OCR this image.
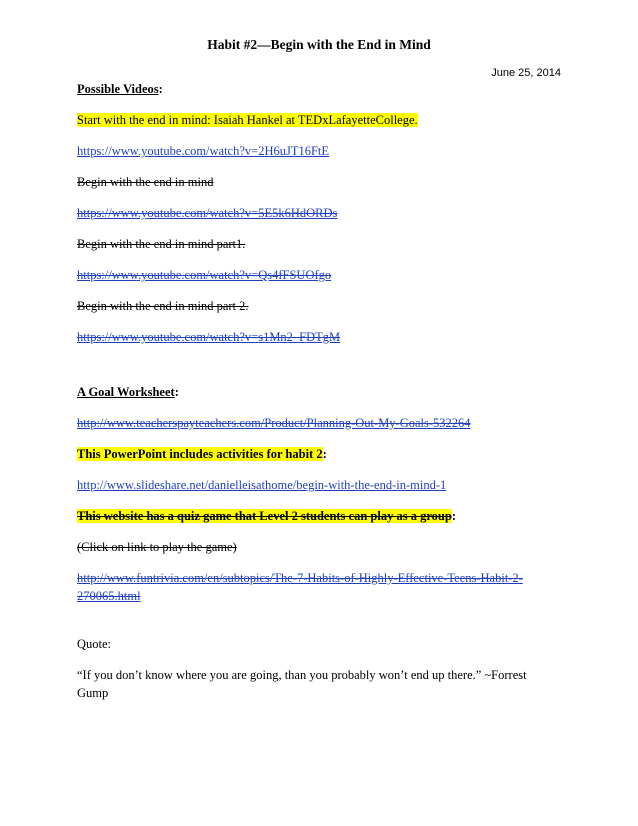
Habit #2—Begin with the End in Mind
June 25, 2014
Possible Videos:
Start with the end in mind: Isaiah Hankel at TEDxLafayetteCollege.
https://www.youtube.com/watch?v=2H6uJT16FtE
Begin with the end in mind
https://www.youtube.com/watch?v=5E5k6HdORDs
Begin with the end in mind part1.
https://www.youtube.com/watch?v=Qs4fFSUOfgo
Begin with the end in mind part 2.
https://www.youtube.com/watch?v=s1Mn2_FDTgM
A Goal Worksheet:
http://www.teacherspayteachers.com/Product/Planning-Out-My-Goals-532264
This PowerPoint includes activities for habit 2:
http://www.slideshare.net/danielleisathome/begin-with-the-end-in-mind-1
This website has a quiz game that Level 2 students can play as a group:
(Click on link to play the game)
http://www.funtrivia.com/en/subtopics/The-7-Habits-of-Highly-Effective-Teens-Habit-2-
270065.html
Quote:
“If you don’t know where you are going, than you probably won’t end up there.” ~Forrest
Gump
